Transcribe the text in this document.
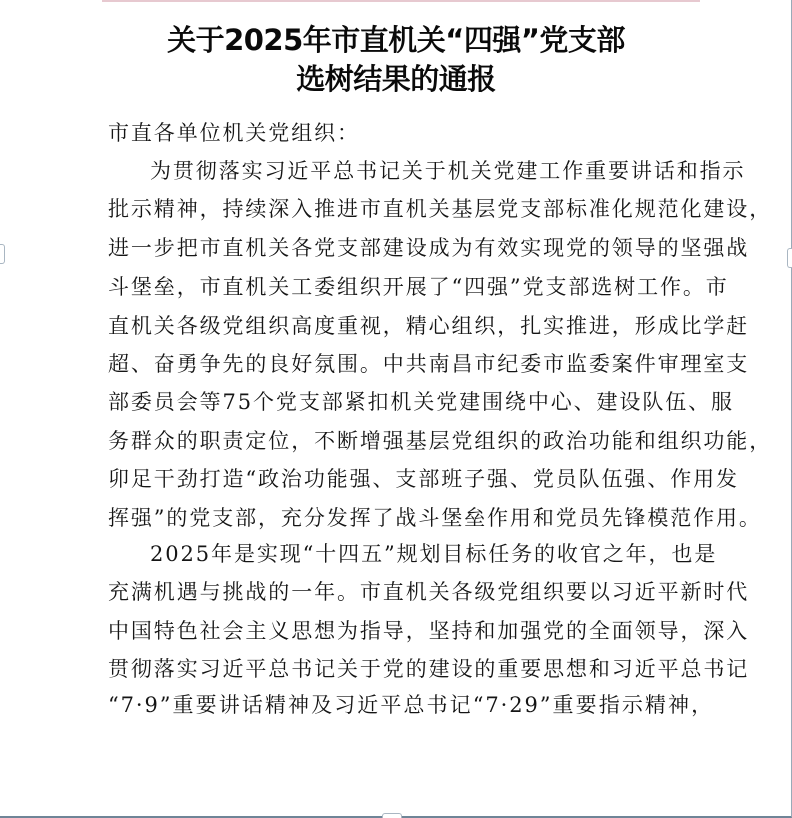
关于2025年市直机关“四强”党支部
选树结果的通报
市直各单位机关党组织：
为贯彻落实习近平总书记关于机关党建工作重要讲话和指示
批示精神，持续深入推进市直机关基层党支部标准化规范化建设，
进一步把市直机关各党支部建设成为有效实现党的领导的坚强战
斗堡垒，市直机关工委组织开展了“四强”党支部选树工作。市
直机关各级党组织高度重视，精心组织，扎实推进，形成比学赶
超、奋勇争先的良好氛围。中共南昌市纪委市监委案件审理室支
部委员会等75个党支部紧扣机关党建围绕中心、建设队伍、服
务群众的职责定位，不断增强基层党组织的政治功能和组织功能，
卯足干劲打造“政治功能强、支部班子强、党员队伍强、作用发
挥强”的党支部，充分发挥了战斗堡垒作用和党员先锋模范作用。
2025年是实现“十四五”规划目标任务的收官之年，也是
充满机遇与挑战的一年。市直机关各级党组织要以习近平新时代
中国特色社会主义思想为指导，坚持和加强党的全面领导，深入
贯彻落实习近平总书记关于党的建设的重要思想和习近平总书记
“7·9”重要讲话精神及习近平总书记“7·29”重要指示精神，
